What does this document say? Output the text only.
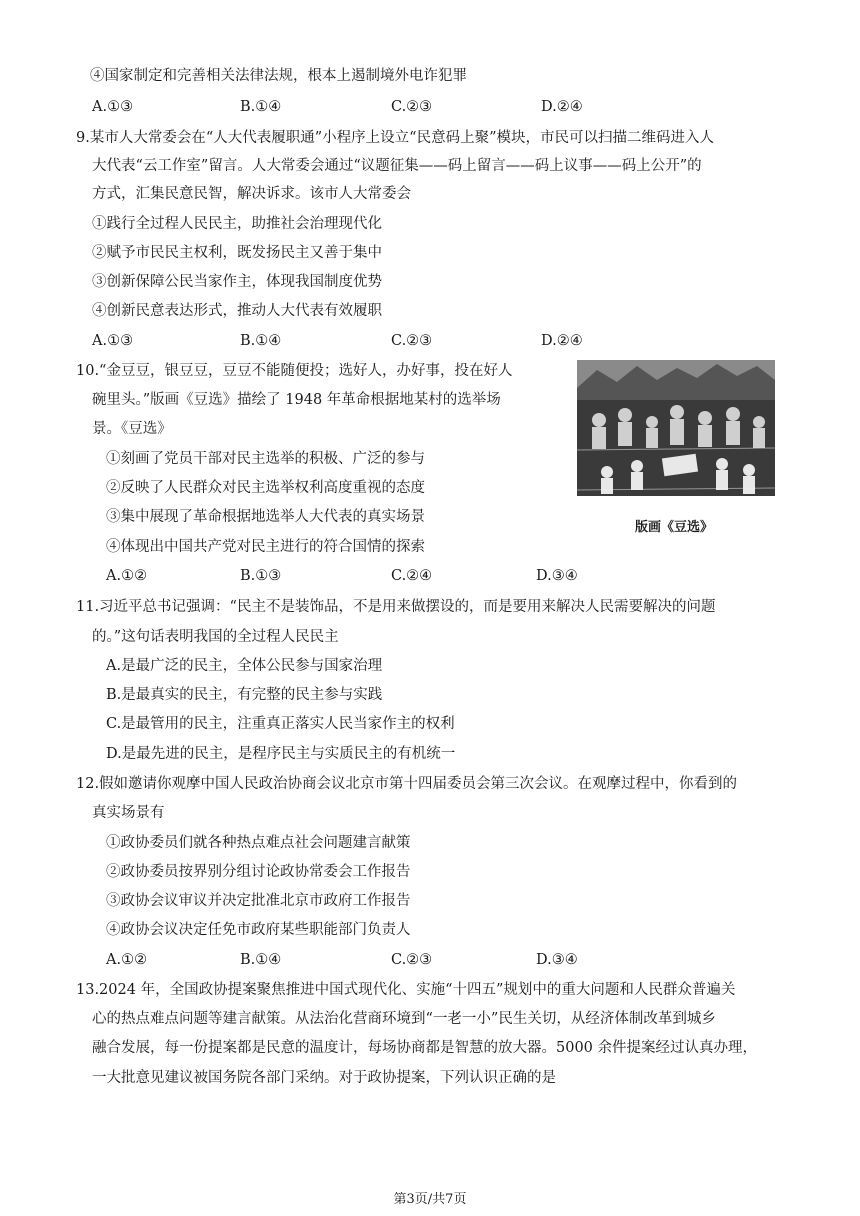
④国家制定和完善相关法律法规，根本上遏制境外电诈犯罪
A.①③	B.①④	C.②③	D.②④
9.某市人大常委会在“人大代表履职通”小程序上设立“民意码上聚”模块，市民可以扫描二维码进入人
大代表“云工作室”留言。人大常委会通过“议题征集——码上留言——码上议事——码上公开”的
方式，汇集民意民智，解决诉求。该市人大常委会
①践行全过程人民民主，助推社会治理现代化
②赋予市民民主权利，既发扬民主又善于集中
③创新保障公民当家作主，体现我国制度优势
④创新民意表达形式，推动人大代表有效履职
A.①③	B.①④	C.②③	D.②④
10.“金豆豆，银豆豆，豆豆不能随便投；选好人，办好事，投在好人
碗里头。”版画《豆选》描绘了 1948 年革命根据地某村的选举场
景。《豆选》
①刻画了党员干部对民主选举的积极、广泛的参与
②反映了人民群众对民主选举权利高度重视的态度
③集中展现了革命根据地选举人大代表的真实场景
④体现出中国共产党对民主进行的符合国情的探索
A.①②	B.①③	C.②④	D.③④
版画《豆选》
11.习近平总书记强调：“民主不是装饰品，不是用来做摆设的，而是要用来解决人民需要解决的问题
的。”这句话表明我国的全过程人民民主
A.是最广泛的民主，全体公民参与国家治理
B.是最真实的民主，有完整的民主参与实践
C.是最管用的民主，注重真正落实人民当家作主的权利
D.是最先进的民主，是程序民主与实质民主的有机统一
12.假如邀请你观摩中国人民政治协商会议北京市第十四届委员会第三次会议。在观摩过程中，你看到的
真实场景有
①政协委员们就各种热点难点社会问题建言献策
②政协委员按界别分组讨论政协常委会工作报告
③政协会议审议并决定批准北京市政府工作报告
④政协会议决定任免市政府某些职能部门负责人
A.①②	B.①④	C.②③	D.③④
13.2024 年，全国政协提案聚焦推进中国式现代化、实施“十四五”规划中的重大问题和人民群众普遍关
心的热点难点问题等建言献策。从法治化营商环境到“一老一小”民生关切，从经济体制改革到城乡
融合发展，每一份提案都是民意的温度计，每场协商都是智慧的放大器。5000 余件提案经过认真办理，
一大批意见建议被国务院各部门采纳。对于政协提案，下列认识正确的是
第3页/共7页
